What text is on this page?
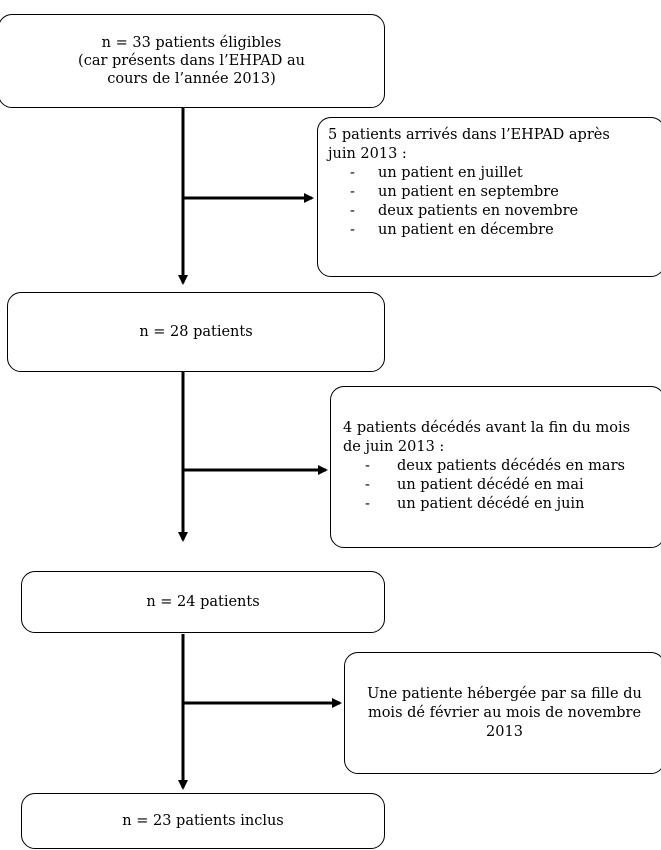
n = 33 patients éligibles
(car présents dans l’EHPAD au
cours de l’année 2013)
5 patients arrivés dans l’EHPAD après
juin 2013 :
- un patient en juillet
- un patient en septembre
- deux patients en novembre
- un patient en décembre
n = 28 patients
4 patients décédés avant la fin du mois
de juin 2013 :
- deux patients décédés en mars
- un patient décédé en mai
- un patient décédé en juin
n = 24 patients
Une patiente hébergée par sa fille du
mois dé février au mois de novembre
2013
n = 23 patients inclus
